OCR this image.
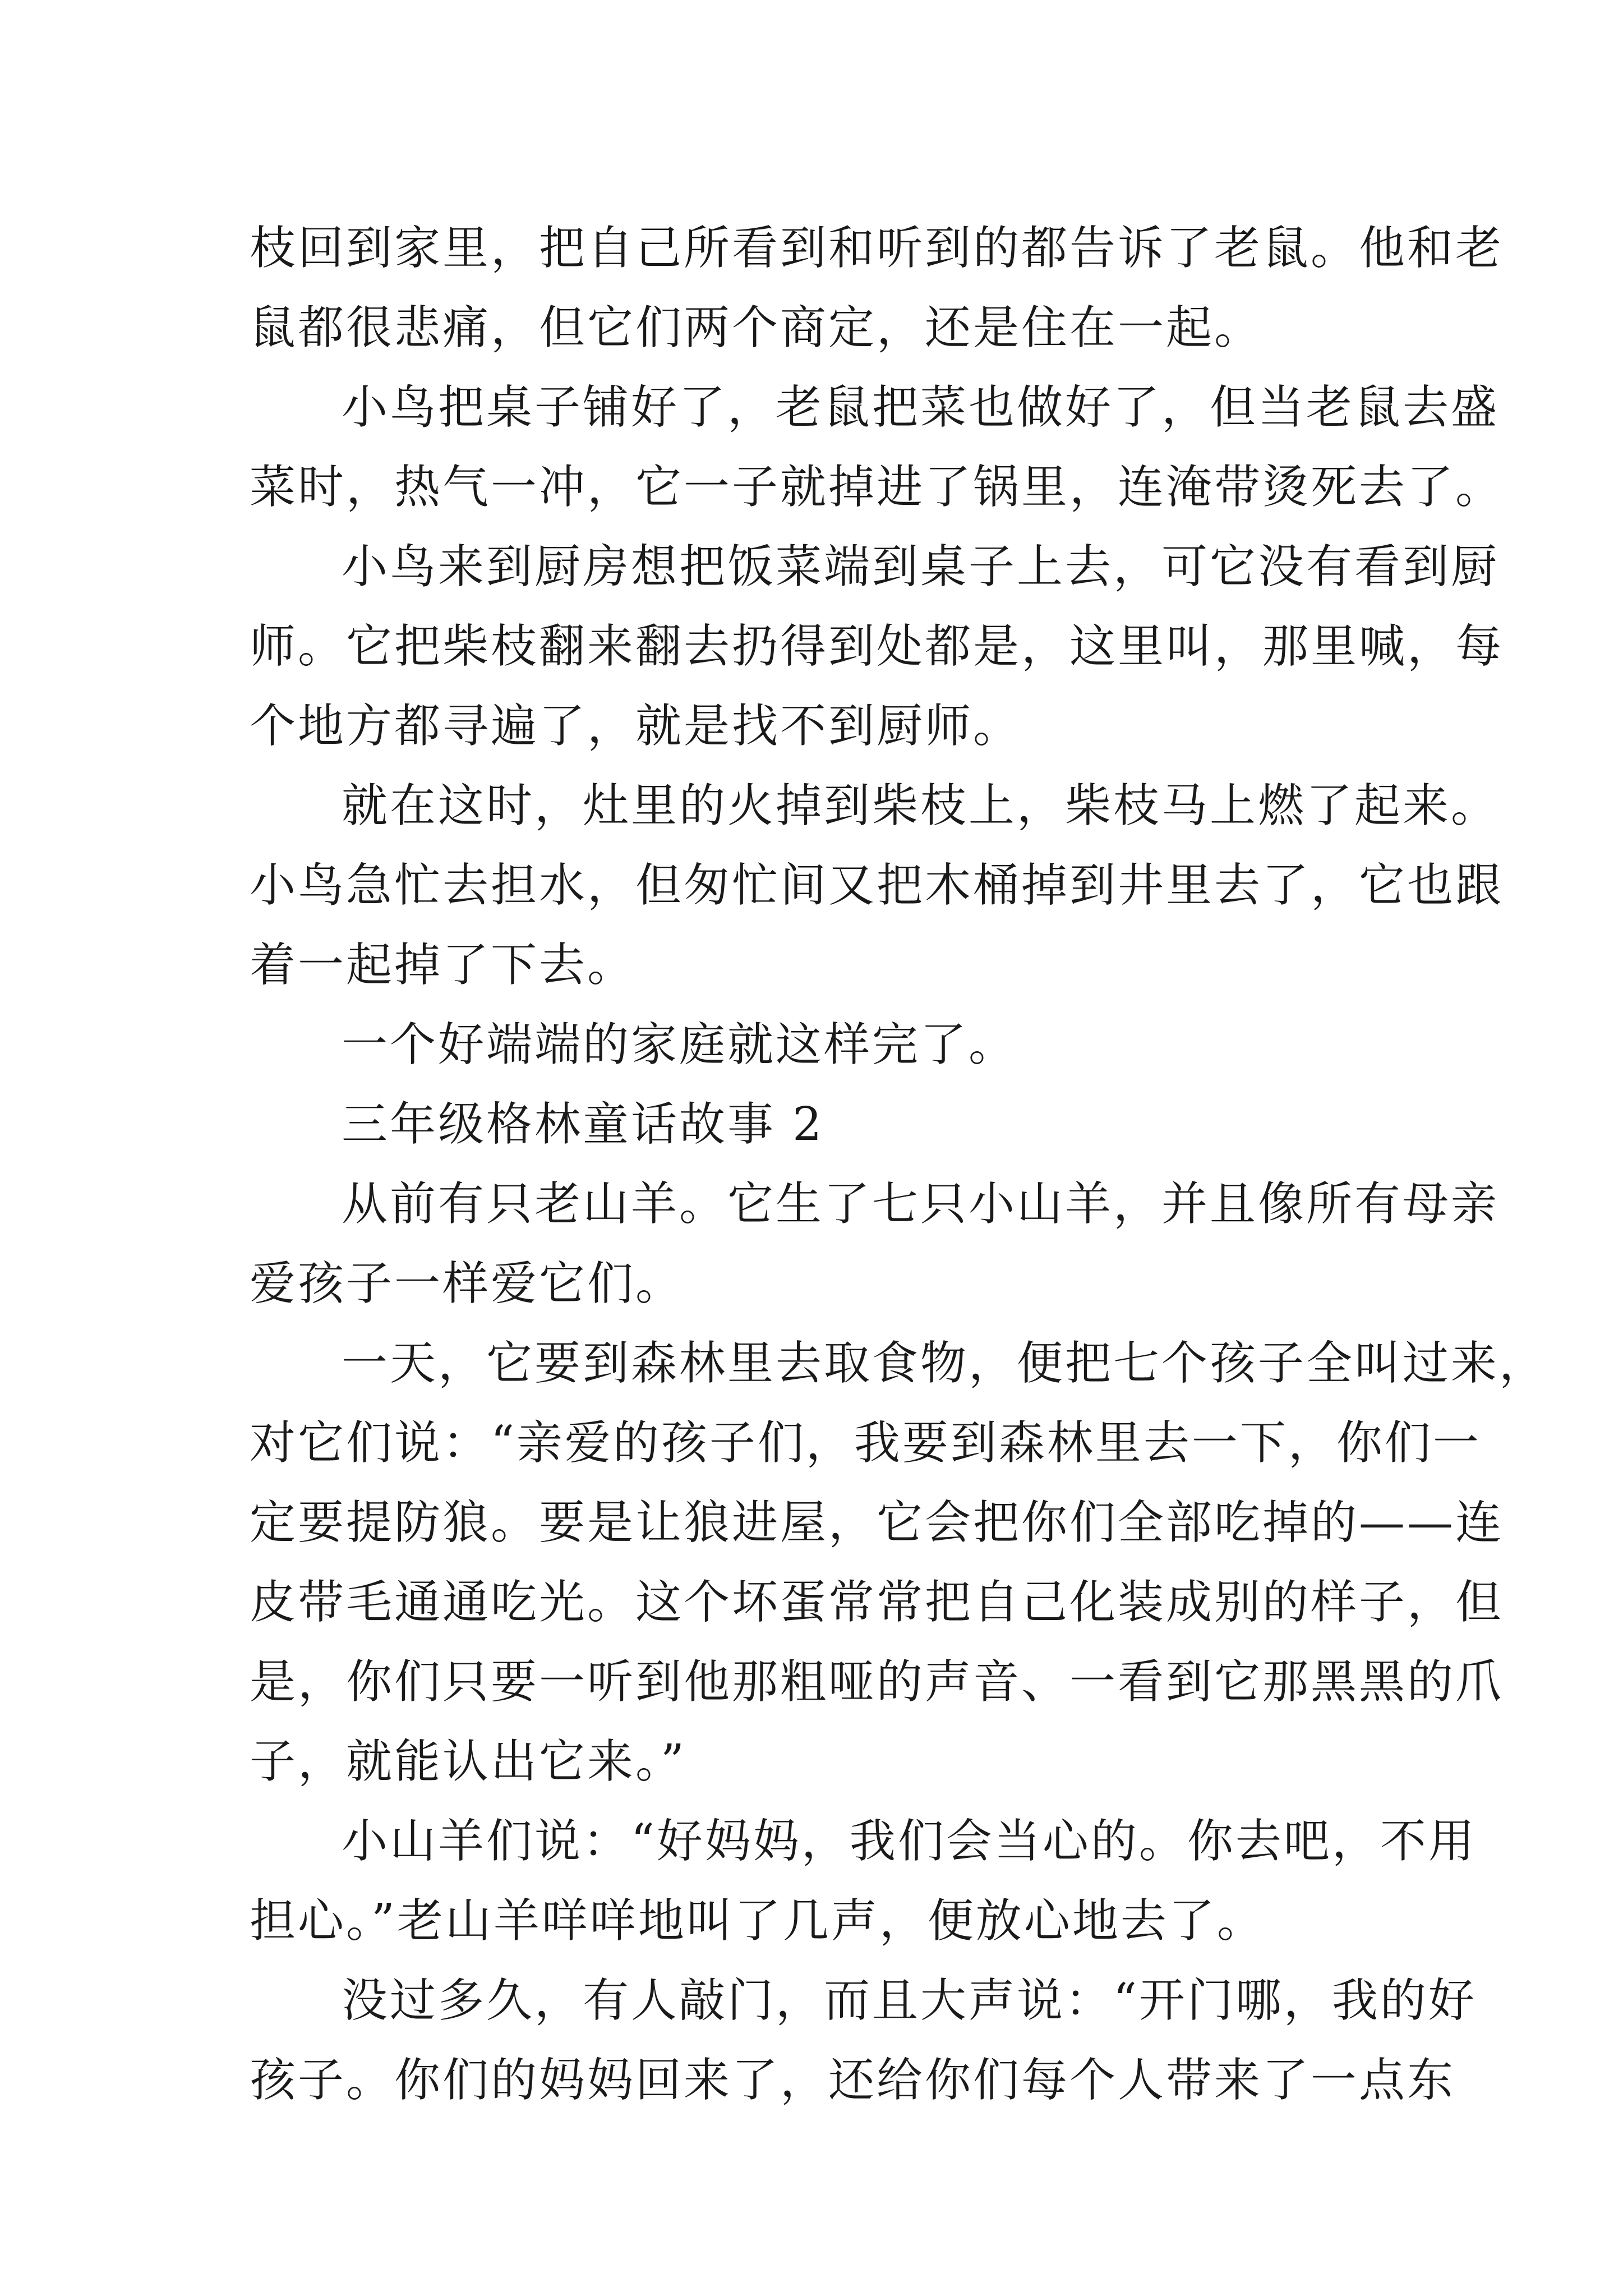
枝回到家里，把自己所看到和听到的都告诉了老鼠。他和老
鼠都很悲痛，但它们两个商定，还是住在一起。
小鸟把桌子铺好了，老鼠把菜也做好了，但当老鼠去盛
菜时，热气一冲，它一子就掉进了锅里，连淹带烫死去了。
小鸟来到厨房想把饭菜端到桌子上去，可它没有看到厨
师。它把柴枝翻来翻去扔得到处都是，这里叫，那里喊，每
个地方都寻遍了，就是找不到厨师。
就在这时，灶里的火掉到柴枝上，柴枝马上燃了起来。
小鸟急忙去担水，但匆忙间又把木桶掉到井里去了，它也跟
着一起掉了下去。
一个好端端的家庭就这样完了。
三年级格林童话故事 2
从前有只老山羊。它生了七只小山羊，并且像所有母亲
爱孩子一样爱它们。
一天，它要到森林里去取食物，便把七个孩子全叫过来，
对它们说：“亲爱的孩子们，我要到森林里去一下，你们一
定要提防狼。要是让狼进屋，它会把你们全部吃掉的——连
皮带毛通通吃光。这个坏蛋常常把自己化装成别的样子，但
是，你们只要一听到他那粗哑的声音、一看到它那黑黑的爪
子，就能认出它来。”
小山羊们说：“好妈妈，我们会当心的。你去吧，不用
担心。”老山羊咩咩地叫了几声，便放心地去了。
没过多久，有人敲门，而且大声说：“开门哪，我的好
孩子。你们的妈妈回来了，还给你们每个人带来了一点东
